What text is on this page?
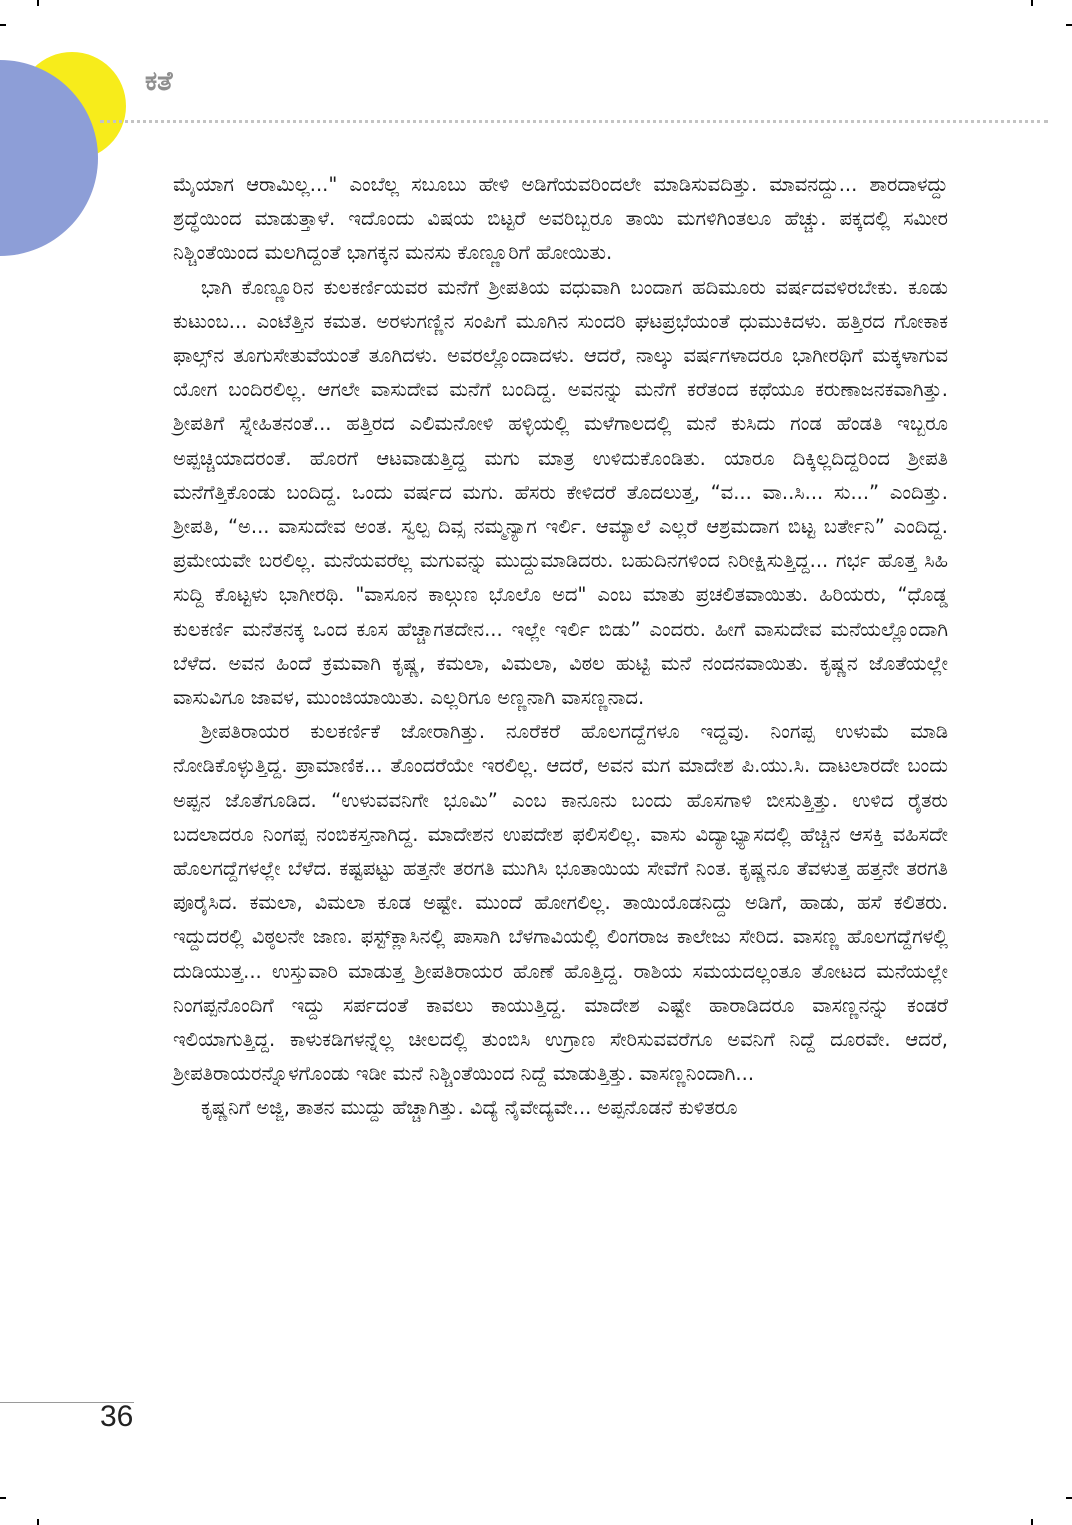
ಕತೆ

ಮೈಯಾಗ ಆರಾಮಿಲ್ಲ..." ಎಂಬೆಲ್ಲ ಸಬೂಬು ಹೇಳಿ ಅಡಿಗೆಯವರಿಂದಲೇ ಮಾಡಿಸುವದಿತ್ತು. ಮಾವನದ್ದು... ಶಾರದಾಳದ್ದು ಶ್ರದ್ಧೆಯಿಂದ ಮಾಡುತ್ತಾಳೆ. ಇದೊಂದು ವಿಷಯ ಬಿಟ್ಟರೆ ಅವರಿಬ್ಬರೂ ತಾಯಿ ಮಗಳಿಗಿಂತಲೂ ಹೆಚ್ಚು. ಪಕ್ಕದಲ್ಲಿ ಸಮೀರ ನಿಶ್ಚಿಂತೆಯಿಂದ ಮಲಗಿದ್ದಂತೆ ಭಾಗಕ್ಕನ ಮನಸು ಕೊಣ್ಣೂರಿಗೆ ಹೋಯಿತು.

ಭಾಗಿ ಕೊಣ್ಣೂರಿನ ಕುಲಕರ್ಣಿಯವರ ಮನೆಗೆ ಶ್ರೀಪತಿಯ ವಧುವಾಗಿ ಬಂದಾಗ ಹದಿಮೂರು ವರ್ಷದವಳಿರಬೇಕು. ಕೂಡು ಕುಟುಂಬ... ಎಂಟೆತ್ತಿನ ಕಮತ. ಅರಳುಗಣ್ಣಿನ ಸಂಪಿಗೆ ಮೂಗಿನ ಸುಂದರಿ ಘಟಪ್ರಭೆಯಂತೆ ಧುಮುಕಿದಳು. ಹತ್ತಿರದ ಗೋಕಾಕ ಫಾಲ್ಸ್‌ನ ತೂಗುಸೇತುವೆಯಂತೆ ತೂಗಿದಳು. ಅವರಲ್ಲೊಂದಾದಳು. ಆದರೆ, ನಾಲ್ಕು ವರ್ಷಗಳಾದರೂ ಭಾಗೀರಥಿಗೆ ಮಕ್ಕಳಾಗುವ ಯೋಗ ಬಂದಿರಲಿಲ್ಲ. ಆಗಲೇ ವಾಸುದೇವ ಮನೆಗೆ ಬಂದಿದ್ದ. ಅವನನ್ನು ಮನೆಗೆ ಕರೆತಂದ ಕಥೆಯೂ ಕರುಣಾಜನಕವಾಗಿತ್ತು. ಶ್ರೀಪತಿಗೆ ಸ್ನೇಹಿತನಂತೆ... ಹತ್ತಿರದ ಎಲಿಮನೋಳಿ ಹಳ್ಳಿಯಲ್ಲಿ ಮಳೆಗಾಲದಲ್ಲಿ ಮನೆ ಕುಸಿದು ಗಂಡ ಹೆಂಡತಿ ಇಬ್ಬರೂ ಅಪ್ಪಚ್ಚಿಯಾದರಂತೆ. ಹೊರಗೆ ಆಟವಾಡುತ್ತಿದ್ದ ಮಗು ಮಾತ್ರ ಉಳಿದುಕೊಂಡಿತು. ಯಾರೂ ದಿಕ್ಕಿಲ್ಲದಿದ್ದರಿಂದ ಶ್ರೀಪತಿ ಮನೆಗೆತ್ತಿಕೊಂಡು ಬಂದಿದ್ದ. ಒಂದು ವರ್ಷದ ಮಗು. ಹೆಸರು ಕೇಳಿದರೆ ತೊದಲುತ್ತ, “ವ... ವಾ..ಸಿ... ಸು...” ಎಂದಿತ್ತು. ಶ್ರೀಪತಿ, “ಅ... ವಾಸುದೇವ ಅಂತ. ಸ್ವಲ್ಪ ದಿವ್ಸ ನಮ್ಮನ್ಯಾಗ ಇರ್ಲಿ. ಆಮ್ಯಾಲೆ ಎಲ್ಲರೆ ಆಶ್ರಮದಾಗ ಬಿಟ್ಟ ಬರ್ತೇನಿ” ಎಂದಿದ್ದ. ಪ್ರಮೇಯವೇ ಬರಲಿಲ್ಲ. ಮನೆಯವರೆಲ್ಲ ಮಗುವನ್ನು ಮುದ್ದುಮಾಡಿದರು. ಬಹುದಿನಗಳಿಂದ ನಿರೀಕ್ಷಿಸುತ್ತಿದ್ದ... ಗರ್ಭ ಹೊತ್ತ ಸಿಹಿ ಸುದ್ದಿ ಕೊಟ್ಟಳು ಭಾಗೀರಥಿ. "ವಾಸೂನ ಕಾಲ್ಗುಣ ಭೊಲೊ ಅದ" ಎಂಬ ಮಾತು ಪ್ರಚಲಿತವಾಯಿತು. ಹಿರಿಯರು, “ಧೊಡ್ಡ ಕುಲಕರ್ಣಿ ಮನೆತನಕ್ಕ ಒಂದ ಕೂಸ ಹೆಚ್ಚಾಗತದೇನ... ಇಲ್ಲೇ ಇರ್ಲಿ ಬಿಡು” ಎಂದರು. ಹೀಗೆ ವಾಸುದೇವ ಮನೆಯಲ್ಲೊಂದಾಗಿ ಬೆಳೆದ. ಅವನ ಹಿಂದೆ ಕ್ರಮವಾಗಿ ಕೃಷ್ಣ, ಕಮಲಾ, ವಿಮಲಾ, ವಿಠಲ ಹುಟ್ಟಿ ಮನೆ ನಂದನವಾಯಿತು. ಕೃಷ್ಣನ ಜೊತೆಯಲ್ಲೇ ವಾಸುವಿಗೂ ಜಾವಳ, ಮುಂಜಿಯಾಯಿತು. ಎಲ್ಲರಿಗೂ ಅಣ್ಣನಾಗಿ ವಾಸಣ್ಣನಾದ.

ಶ್ರೀಪತಿರಾಯರ ಕುಲಕರ್ಣಿಕೆ ಜೋರಾಗಿತ್ತು. ನೂರೆಕರೆ ಹೊಲಗದ್ದೆಗಳೂ ಇದ್ದವು. ನಿಂಗಪ್ಪ ಉಳುಮೆ ಮಾಡಿ ನೋಡಿಕೊಳ್ಳುತ್ತಿದ್ದ. ಪ್ರಾಮಾಣಿಕ... ತೊಂದರೆಯೇ ಇರಲಿಲ್ಲ. ಆದರೆ, ಅವನ ಮಗ ಮಾದೇಶ ಪಿ.ಯು.ಸಿ. ದಾಟಲಾರದೇ ಬಂದು ಅಪ್ಪನ ಜೊತೆಗೂಡಿದ. “ಉಳುವವನಿಗೇ ಭೂಮಿ” ಎಂಬ ಕಾನೂನು ಬಂದು ಹೊಸಗಾಳಿ ಬೀಸುತ್ತಿತ್ತು. ಉಳಿದ ರೈತರು ಬದಲಾದರೂ ನಿಂಗಪ್ಪ ನಂಬಿಕಸ್ತನಾಗಿದ್ದ. ಮಾದೇಶನ ಉಪದೇಶ ಫಲಿಸಲಿಲ್ಲ. ವಾಸು ವಿದ್ಯಾಭ್ಯಾಸದಲ್ಲಿ ಹೆಚ್ಚಿನ ಆಸಕ್ತಿ ವಹಿಸದೇ ಹೊಲಗದ್ದೆಗಳಲ್ಲೇ ಬೆಳೆದ. ಕಷ್ಟಪಟ್ಟು ಹತ್ತನೇ ತರಗತಿ ಮುಗಿಸಿ ಭೂತಾಯಿಯ ಸೇವೆಗೆ ನಿಂತ. ಕೃಷ್ಣನೂ ತೆವಳುತ್ತ ಹತ್ತನೇ ತರಗತಿ ಪೂರೈಸಿದ. ಕಮಲಾ, ವಿಮಲಾ ಕೂಡ ಅಷ್ಟೇ. ಮುಂದೆ ಹೋಗಲಿಲ್ಲ. ತಾಯಿಯೊಡನಿದ್ದು ಅಡಿಗೆ, ಹಾಡು, ಹಸೆ ಕಲಿತರು. ಇದ್ದುದರಲ್ಲಿ ವಿಠ್ಠಲನೇ ಜಾಣ. ಫಸ್ಟ್‌ಕ್ಲಾಸಿನಲ್ಲಿ ಪಾಸಾಗಿ ಬೆಳಗಾವಿಯಲ್ಲಿ ಲಿಂಗರಾಜ ಕಾಲೇಜು ಸೇರಿದ. ವಾಸಣ್ಣ ಹೊಲಗದ್ದೆಗಳಲ್ಲಿ ದುಡಿಯುತ್ತ... ಉಸ್ತುವಾರಿ ಮಾಡುತ್ತ ಶ್ರೀಪತಿರಾಯರ ಹೊಣೆ ಹೊತ್ತಿದ್ದ. ರಾಶಿಯ ಸಮಯದಲ್ಲಂತೂ ತೋಟದ ಮನೆಯಲ್ಲೇ ನಿಂಗಪ್ಪನೊಂದಿಗೆ ಇದ್ದು ಸರ್ಪದಂತೆ ಕಾವಲು ಕಾಯುತ್ತಿದ್ದ. ಮಾದೇಶ ಎಷ್ಟೇ ಹಾರಾಡಿದರೂ ವಾಸಣ್ಣನನ್ನು ಕಂಡರೆ ಇಲಿಯಾಗುತ್ತಿದ್ದ. ಕಾಳುಕಡಿಗಳನ್ನೆಲ್ಲ ಚೀಲದಲ್ಲಿ ತುಂಬಿಸಿ ಉಗ್ರಾಣ ಸೇರಿಸುವವರೆಗೂ ಅವನಿಗೆ ನಿದ್ದೆ ದೂರವೇ. ಆದರೆ, ಶ್ರೀಪತಿರಾಯರನ್ನೊಳಗೊಂಡು ಇಡೀ ಮನೆ ನಿಶ್ಚಿಂತೆಯಿಂದ ನಿದ್ದೆ ಮಾಡುತ್ತಿತ್ತು. ವಾಸಣ್ಣನಿಂದಾಗಿ...

ಕೃಷ್ಣನಿಗೆ ಅಜ್ಜಿ, ತಾತನ ಮುದ್ದು ಹೆಚ್ಚಾಗಿತ್ತು. ವಿದ್ಯೆ ನೈವೇದ್ಯವೇ... ಅಪ್ಪನೊಡನೆ ಕುಳಿತರೂ

36
